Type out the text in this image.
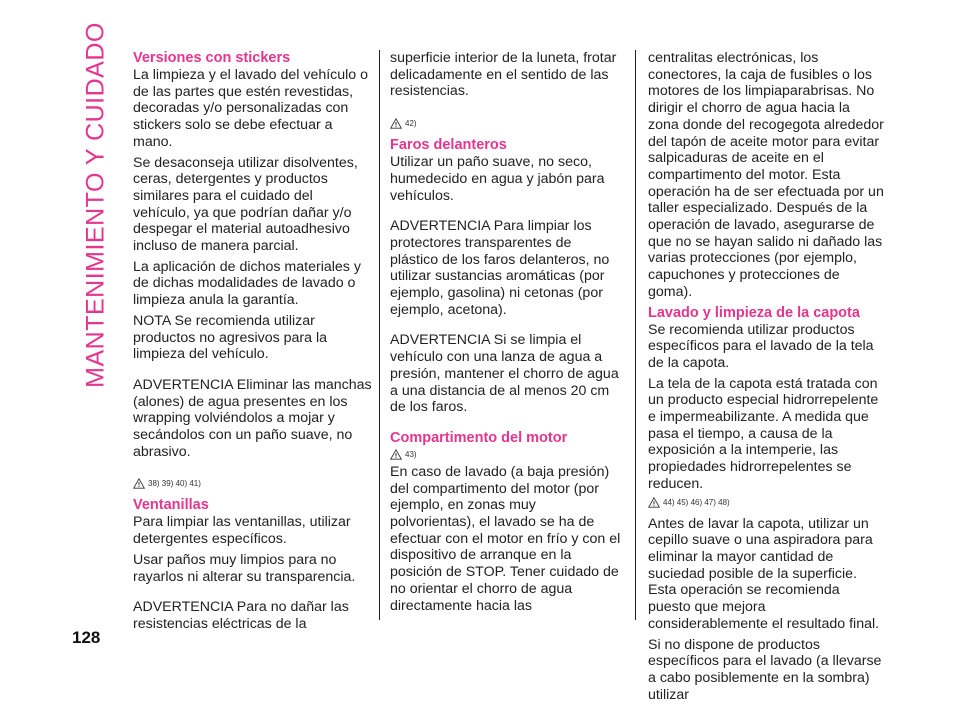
MANTENIMIENTO Y CUIDADO Versiones con stickers

La limpieza y el lavado del vehículo o de las partes que estén revestidas, decoradas y/o personalizadas con stickers solo se debe efectuar a mano.

Se desaconseja utilizar disolventes, ceras, detergentes y productos similares para el cuidado del vehículo, ya que podrían dañar y/o despegar el material autoadhesivo incluso de manera parcial.

La aplicación de dichos materiales y de dichas modalidades de lavado o limpieza anula la garantía.

NOTA Se recomienda utilizar productos no agresivos para la limpieza del vehículo.

ADVERTENCIA Eliminar las manchas (alones) de agua presentes en los wrapping volviéndolos a mojar y secándolos con un paño suave, no abrasivo.

38) 39) 40) 41)
Ventanillas

Para limpiar las ventanillas, utilizar detergentes específicos.

Usar paños muy limpios para no rayarlos ni alterar su transparencia.

ADVERTENCIA Para no dañar las resistencias eléctricas de la

superficie interior de la luneta, frotar delicadamente en el sentido de las resistencias.

42)
Faros delanteros

Utilizar un paño suave, no seco, humedecido en agua y jabón para vehículos.

ADVERTENCIA Para limpiar los protectores transparentes de plástico de los faros delanteros, no utilizar sustancias aromáticas (por ejemplo, gasolina) ni cetonas (por ejemplo, acetona).

ADVERTENCIA Si se limpia el vehículo con una lanza de agua a presión, mantener el chorro de agua a una distancia de al menos 20 cm de los faros.

Compartimento del motor
43)

En caso de lavado (a baja presión) del compartimento del motor (por ejemplo, en zonas muy polvorientas), el lavado se ha de efectuar con el motor en frío y con el dispositivo de arranque en la posición de STOP. Tener cuidado de no orientar el chorro de agua directamente hacia las

centralitas electrónicas, los conectores, la caja de fusibles o los motores de los limpiaparabrisas. No dirigir el chorro de agua hacia la zona donde del recogegota alrededor del tapón de aceite motor para evitar salpicaduras de aceite en el compartimento del motor. Esta operación ha de ser efectuada por un taller especializado. Después de la operación de lavado, asegurarse de que no se hayan salido ni dañado las varias protecciones (por ejemplo, capuchones y protecciones de goma).

Lavado y limpieza de la capota

Se recomienda utilizar productos específicos para el lavado de la tela de la capota.

La tela de la capota está tratada con un producto especial hidrorrepelente e impermeabilizante. A medida que pasa el tiempo, a causa de la exposición a la intemperie, las propiedades hidrorrepelentes se reducen.

44) 45) 46) 47) 48)

Antes de lavar la capota, utilizar un cepillo suave o una aspiradora para eliminar la mayor cantidad de suciedad posible de la superficie. Esta operación se recomienda puesto que mejora considerablemente el resultado final.

Si no dispone de productos específicos para el lavado (a llevarse a cabo posiblemente en la sombra) utilizar

128
